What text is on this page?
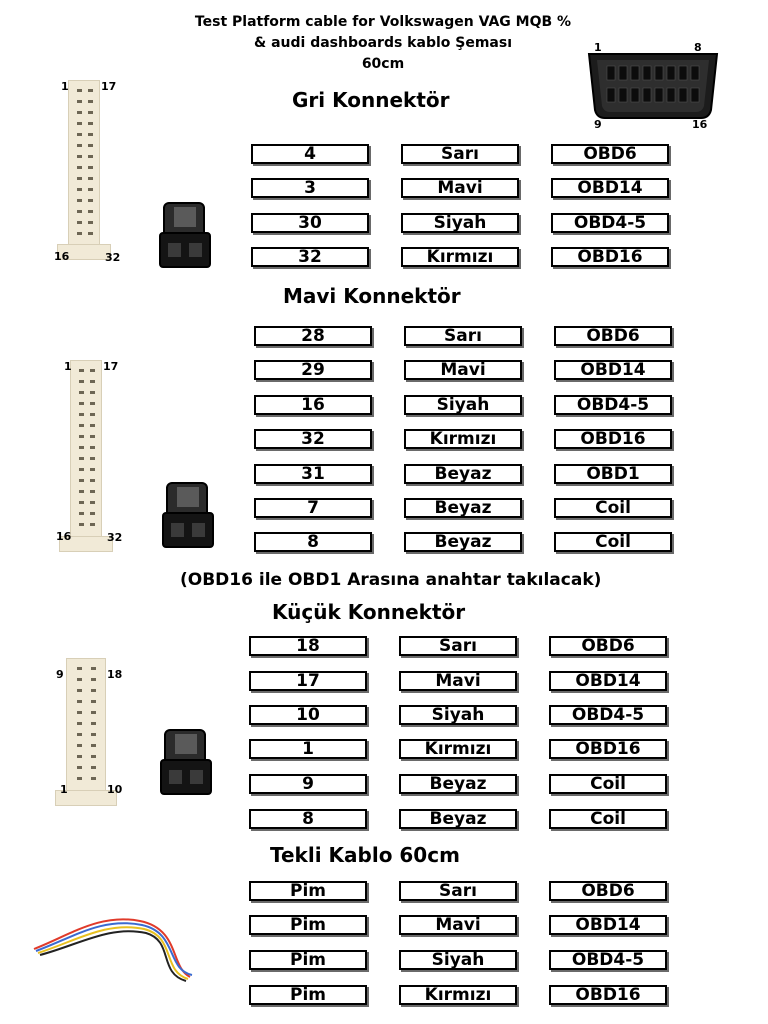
Test Platform cable for Volkswagen VAG MQB %
& audi dashboards kablo Şeması
60cm
1	8
9	16
Gri Konnektör
1	17
16	32
4	Sarı	OBD6
3	Mavi	OBD14
30	Siyah	OBD4-5
32	Kırmızı	OBD16
Mavi Konnektör
1	17
16	32
28	Sarı	OBD6
29	Mavi	OBD14
16	Siyah	OBD4-5
32	Kırmızı	OBD16
31	Beyaz	OBD1
7	Beyaz	Coil
8	Beyaz	Coil
(OBD16 ile OBD1 Arasına anahtar takılacak)
Küçük Konnektör
9	18
1	10
18	Sarı	OBD6
17	Mavi	OBD14
10	Siyah	OBD4-5
1	Kırmızı	OBD16
9	Beyaz	Coil
8	Beyaz	Coil
Tekli Kablo 60cm
Pim	Sarı	OBD6
Pim	Mavi	OBD14
Pim	Siyah	OBD4-5
Pim	Kırmızı	OBD16
